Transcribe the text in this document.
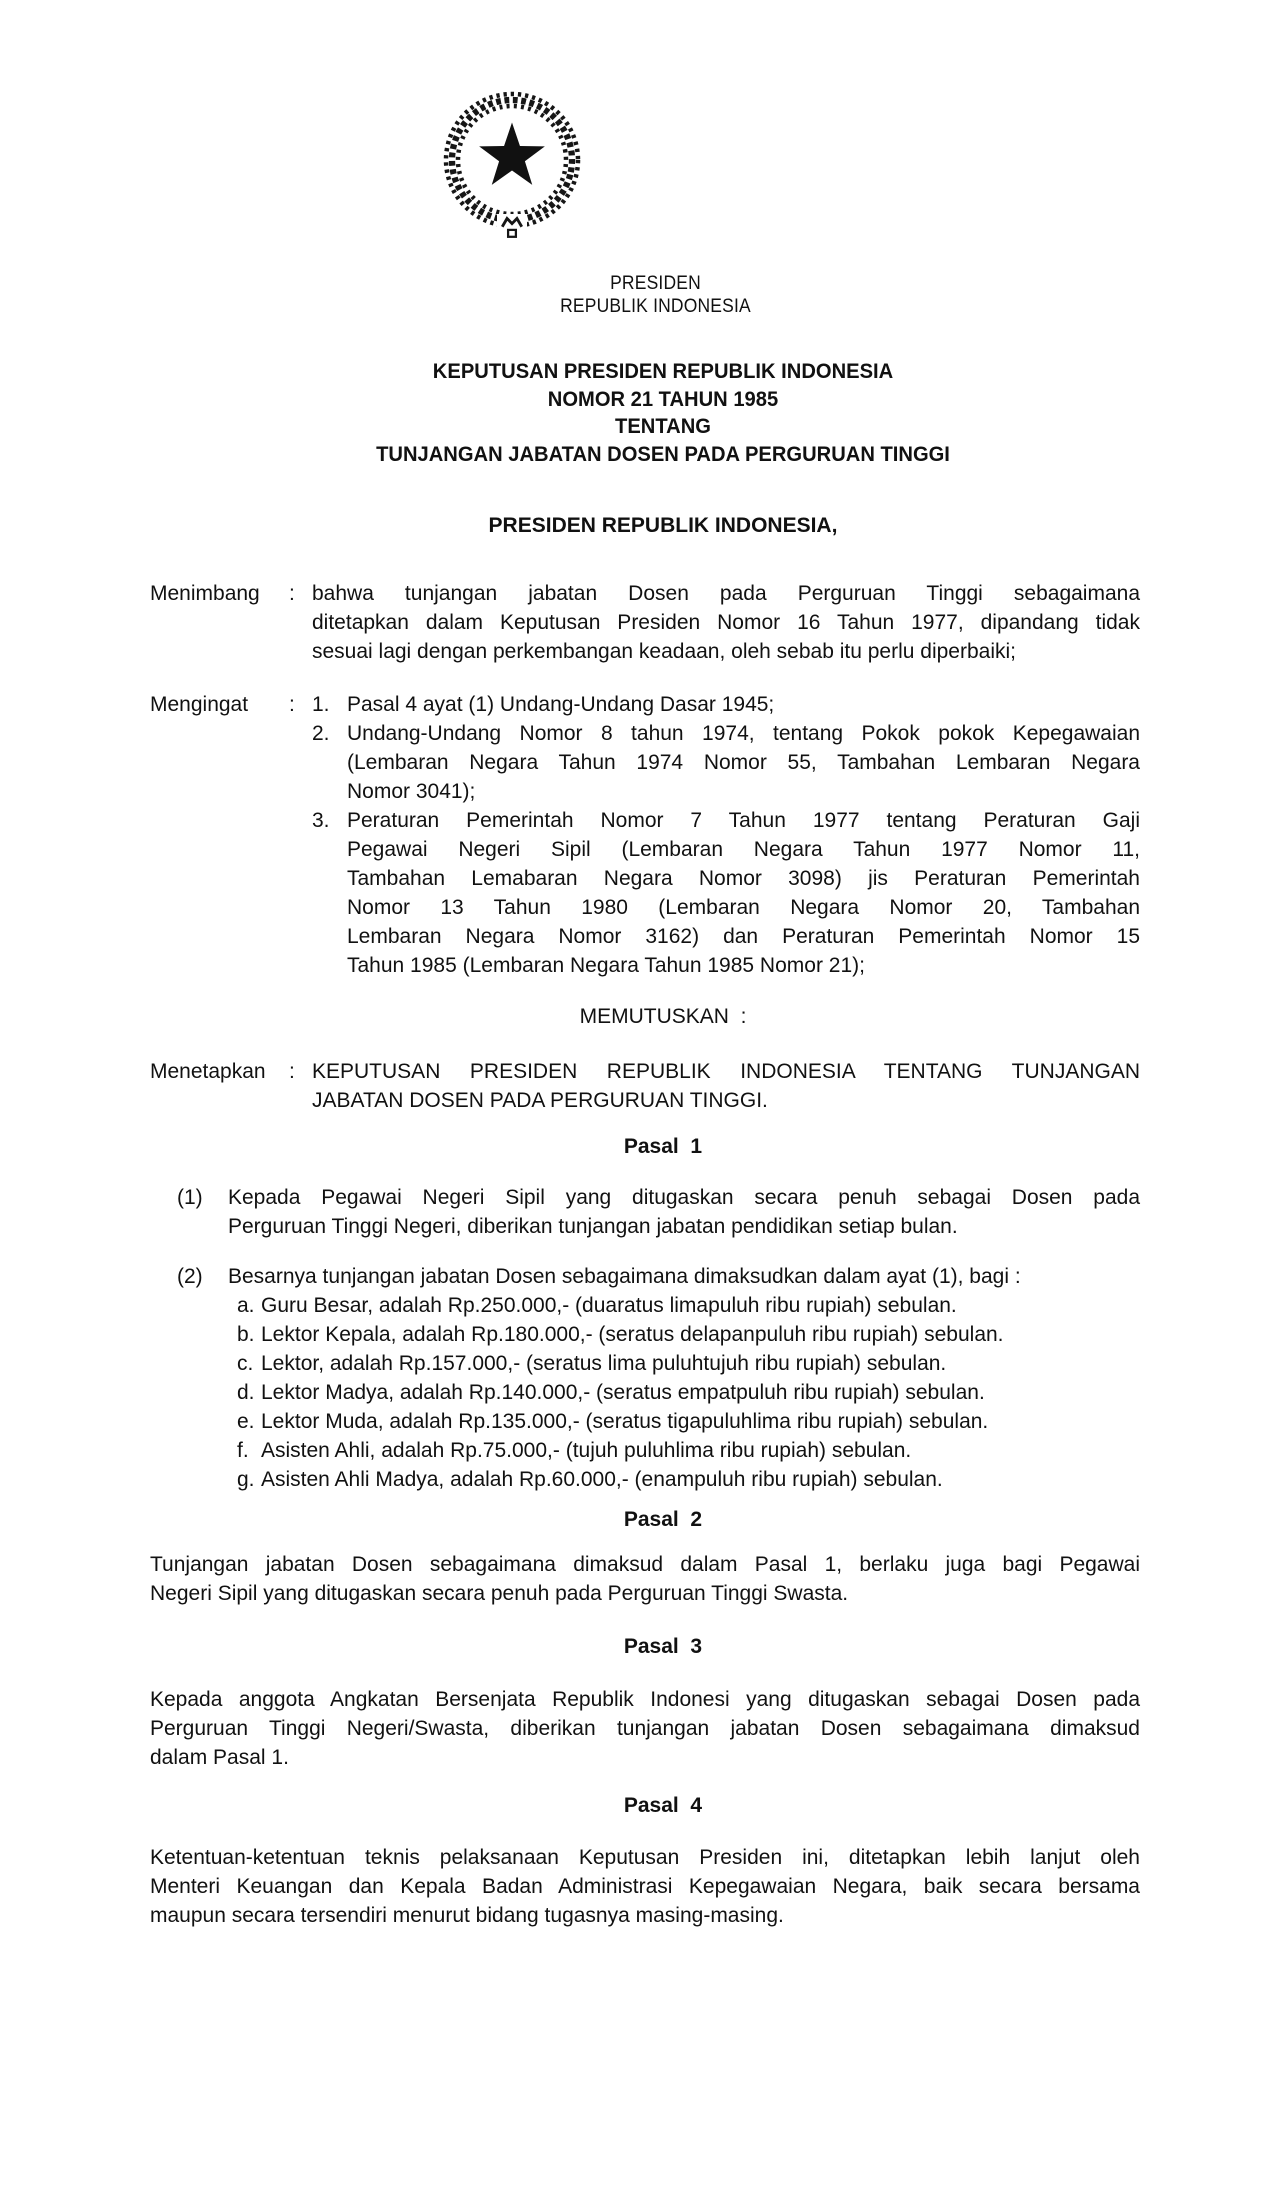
PRESIDEN
REPUBLIK INDONESIA
KEPUTUSAN PRESIDEN REPUBLIK INDONESIA
NOMOR 21 TAHUN 1985
TENTANG
TUNJANGAN JABATAN DOSEN PADA PERGURUAN TINGGI
PRESIDEN REPUBLIK INDONESIA,
Menimbang	: bahwa tunjangan jabatan Dosen pada Perguruan Tinggi sebagaimana
ditetapkan dalam Keputusan Presiden Nomor 16 Tahun 1977, dipandang tidak
sesuai lagi dengan perkembangan keadaan, oleh sebab itu perlu diperbaiki;
Mengingat	: 1. Pasal 4 ayat (1) Undang-Undang Dasar 1945;
2. Undang-Undang Nomor 8 tahun 1974, tentang Pokok pokok Kepegawaian
(Lembaran Negara Tahun 1974 Nomor 55, Tambahan Lembaran Negara
Nomor 3041);
3. Peraturan Pemerintah Nomor 7 Tahun 1977 tentang Peraturan Gaji
Pegawai Negeri Sipil (Lembaran Negara Tahun 1977 Nomor 11,
Tambahan Lemabaran Negara Nomor 3098) jis Peraturan Pemerintah
Nomor 13 Tahun 1980 (Lembaran Negara Nomor 20, Tambahan
Lembaran Negara Nomor 3162) dan Peraturan Pemerintah Nomor 15
Tahun 1985 (Lembaran Negara Tahun 1985 Nomor 21);
MEMUTUSKAN  :
Menetapkan	: KEPUTUSAN PRESIDEN REPUBLIK INDONESIA TENTANG TUNJANGAN
JABATAN DOSEN PADA PERGURUAN TINGGI.
Pasal  1
(1)	Kepada Pegawai Negeri Sipil yang ditugaskan secara penuh sebagai Dosen pada
Perguruan Tinggi Negeri, diberikan tunjangan jabatan pendidikan setiap bulan.
(2)	Besarnya tunjangan jabatan Dosen sebagaimana dimaksudkan dalam ayat (1), bagi :
a. Guru Besar, adalah Rp.250.000,- (duaratus limapuluh ribu rupiah) sebulan.
b. Lektor Kepala, adalah Rp.180.000,- (seratus delapanpuluh ribu rupiah) sebulan.
c. Lektor, adalah Rp.157.000,- (seratus lima puluhtujuh ribu rupiah) sebulan.
d. Lektor Madya, adalah Rp.140.000,- (seratus empatpuluh ribu rupiah) sebulan.
e. Lektor Muda, adalah Rp.135.000,- (seratus tigapuluhlima ribu rupiah) sebulan.
f. Asisten Ahli, adalah Rp.75.000,- (tujuh puluhlima ribu rupiah) sebulan.
g. Asisten Ahli Madya, adalah Rp.60.000,- (enampuluh ribu rupiah) sebulan.
Pasal  2
Tunjangan jabatan Dosen sebagaimana dimaksud dalam Pasal 1, berlaku juga bagi Pegawai
Negeri Sipil yang ditugaskan secara penuh pada Perguruan Tinggi Swasta.
Pasal  3
Kepada anggota Angkatan Bersenjata Republik Indonesi yang ditugaskan sebagai Dosen pada
Perguruan Tinggi Negeri/Swasta, diberikan tunjangan jabatan Dosen sebagaimana dimaksud
dalam Pasal 1.
Pasal  4
Ketentuan-ketentuan teknis pelaksanaan Keputusan Presiden ini, ditetapkan lebih lanjut oleh
Menteri Keuangan dan Kepala Badan Administrasi Kepegawaian Negara, baik secara bersama
maupun secara tersendiri menurut bidang tugasnya masing-masing.
